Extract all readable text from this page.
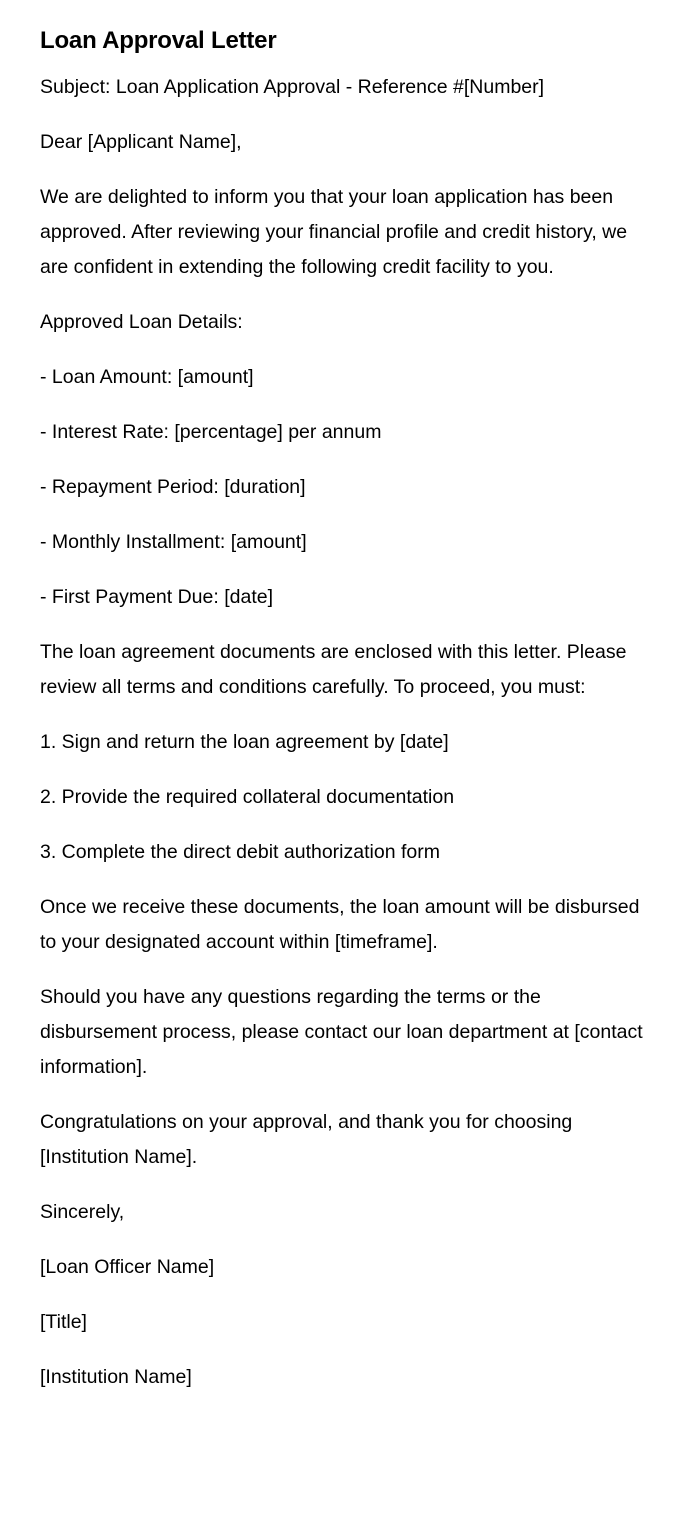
Loan Approval Letter

Subject: Loan Application Approval - Reference #[Number]

Dear [Applicant Name],

We are delighted to inform you that your loan application has been approved. After reviewing your financial profile and credit history, we are confident in extending the following credit facility to you.

Approved Loan Details:

- Loan Amount: [amount]

- Interest Rate: [percentage] per annum

- Repayment Period: [duration]

- Monthly Installment: [amount]

- First Payment Due: [date]

The loan agreement documents are enclosed with this letter. Please review all terms and conditions carefully. To proceed, you must:

1. Sign and return the loan agreement by [date]

2. Provide the required collateral documentation

3. Complete the direct debit authorization form

Once we receive these documents, the loan amount will be disbursed to your designated account within [timeframe].

Should you have any questions regarding the terms or the disbursement process, please contact our loan department at [contact information].

Congratulations on your approval, and thank you for choosing [Institution Name].

Sincerely,

[Loan Officer Name]

[Title]

[Institution Name]
